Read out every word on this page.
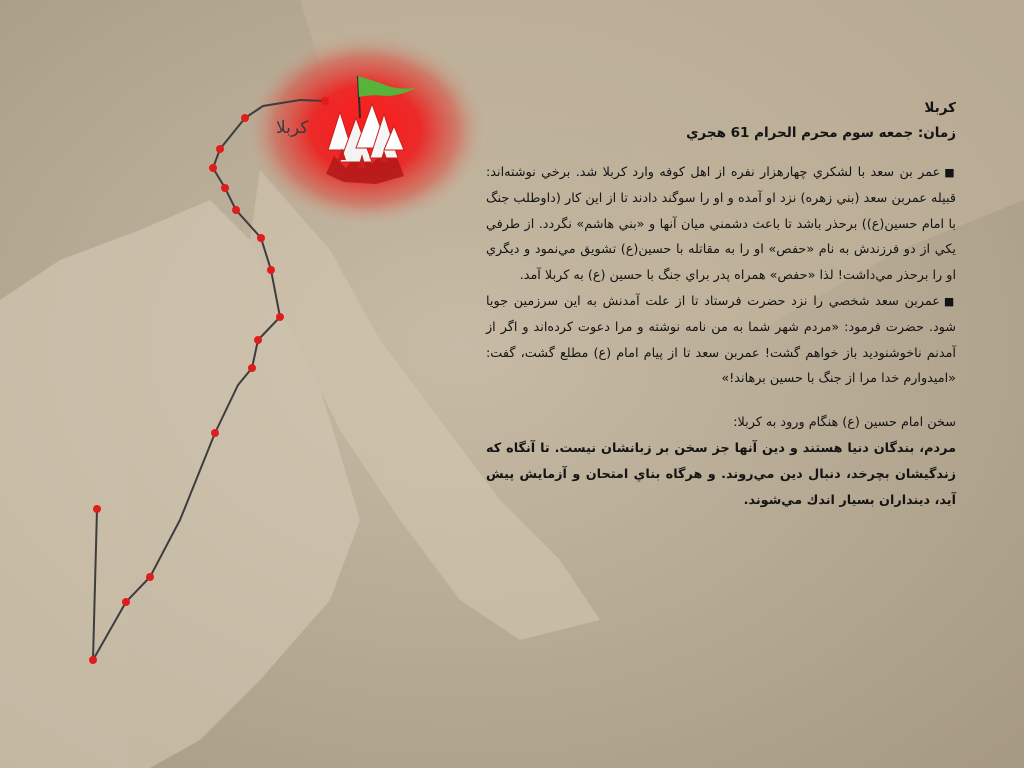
كربلا

كربلا

زمان: جمعه سوم محرم الحرام 61 هجري

■عمر بن سعد با لشكري چهارهزار نفره از اهل كوفه وارد كربلا شد. برخي نوشته‌اند: قبيله عمربن سعد (بني زهره) نزد او آمده و او را سوگند دادند تا از اين كار (داوطلب جنگ با امام حسين(ع)) برحذر باشد تا باعث دشمني ميان آنها و «بني هاشم» نگردد. از طرفي يكي از دو فرزندش به نام «حفص» او را به مقاتله با حسين(ع) تشويق مي‌نمود و ديگري او را برحذر مي‌داشت! لذا «حفص» همراه پدر براي جنگ با حسين (ع) به كربلا آمد.

■عمربن سعد شخصي را نزد حضرت فرستاد تا از علت آمدنش به اين سرزمين جويا شود. حضرت فرمود: «مردم شهر شما به من نامه نوشته و مرا دعوت كرده‌اند و اگر از آمدنم ناخوشنوديد باز خواهم گشت! عمربن سعد تا از پيام امام (ع) مطلع گشت، گفت: «اميدوارم خدا مرا از جنگ با حسين برهاند!»

سخن امام حسين (ع) هنگام ورود به كربلا:

مردم، بندگان دنيا هستند و دين آنها جز سخن بر زبانشان نيست. تا آنگاه كه زندگيشان بچرخد، دنبال دين مي‌روند. و هرگاه بناي امتحان و آزمايش پيش آيد، دينداران بسيار اندك مي‌شوند.
